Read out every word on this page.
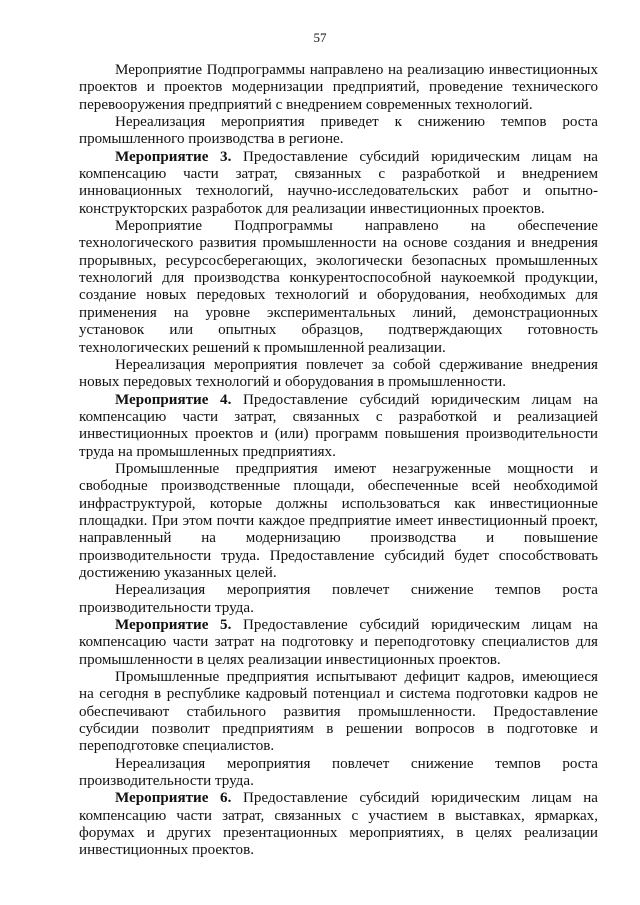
57

Мероприятие Подпрограммы направлено на реализацию инвестиционных проектов и проектов модернизации предприятий, проведение технического перевооружения предприятий с внедрением современных технологий.

Нереализация мероприятия приведет к снижению темпов роста промышленного производства в регионе.

Мероприятие 3. Предоставление субсидий юридическим лицам на компенсацию части затрат, связанных с разработкой и внедрением инновационных технологий, научно-исследовательских работ и опытно-конструкторских разработок для реализации инвестиционных проектов.

Мероприятие Подпрограммы направлено на обеспечение технологического развития промышленности на основе создания и внедрения прорывных, ресурсосберегающих, экологически безопасных промышленных технологий для производства конкурентоспособной наукоемкой продукции, создание новых передовых технологий и оборудования, необходимых для применения на уровне экспериментальных линий, демонстрационных установок или опытных образцов, подтверждающих готовность технологических решений к промышленной реализации.

Нереализация мероприятия повлечет за собой сдерживание внедрения новых передовых технологий и оборудования в промышленности.

Мероприятие 4. Предоставление субсидий юридическим лицам на компенсацию части затрат, связанных с разработкой и реализацией инвестиционных проектов и (или) программ повышения производительности труда на промышленных предприятиях.

Промышленные предприятия имеют незагруженные мощности и свободные производственные площади, обеспеченные всей необходимой инфраструктурой, которые должны использоваться как инвестиционные площадки. При этом почти каждое предприятие имеет инвестиционный проект, направленный на модернизацию производства и повышение производительности труда. Предоставление субсидий будет способствовать достижению указанных целей.

Нереализация мероприятия повлечет снижение темпов роста производительности труда.

Мероприятие 5. Предоставление субсидий юридическим лицам на компенсацию части затрат на подготовку и переподготовку специалистов для промышленности в целях реализации инвестиционных проектов.

Промышленные предприятия испытывают дефицит кадров, имеющиеся на сегодня в республике кадровый потенциал и система подготовки кадров не обеспечивают стабильного развития промышленности. Предоставление субсидии позволит предприятиям в решении вопросов в подготовке и переподготовке специалистов.

Нереализация мероприятия повлечет снижение темпов роста производительности труда.

Мероприятие 6. Предоставление субсидий юридическим лицам на компенсацию части затрат, связанных с участием в выставках, ярмарках, форумах и других презентационных мероприятиях, в целях реализации инвестиционных проектов.
